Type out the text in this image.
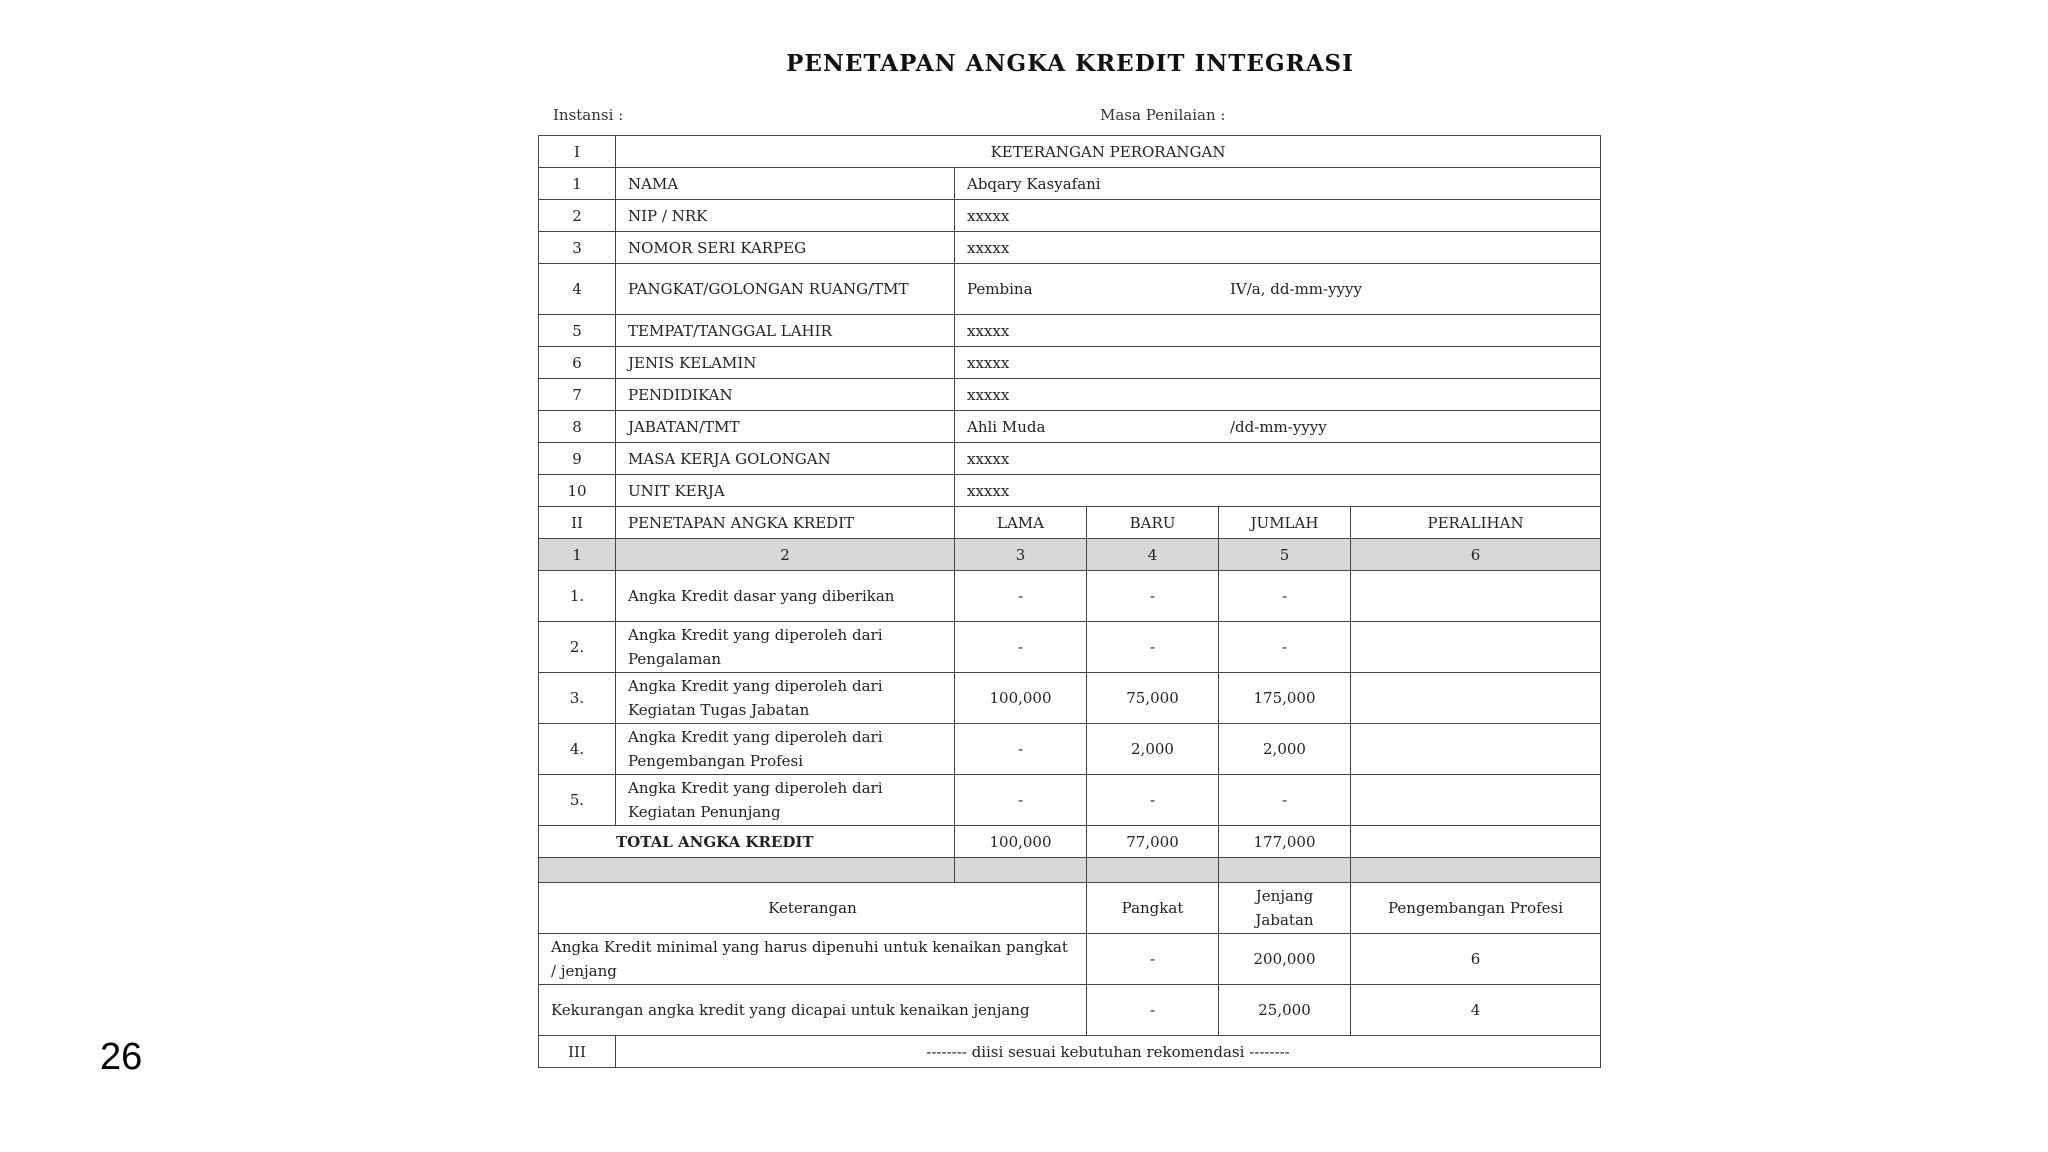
PENETAPAN ANGKA KREDIT INTEGRASI
Instansi :	Masa Penilaian :
I	KETERANGAN PERORANGAN				
1	NAMA	Abqary Kasyafani			
2	NIP / NRK	xxxxx			
3	NOMOR SERI KARPEG	xxxxx			
4	PANGKAT/GOLONGAN RUANG/TMT	Pembina IV/a, dd-mm-yyyy			
5	TEMPAT/TANGGAL LAHIR	xxxxx			
6	JENIS KELAMIN	xxxxx			
7	PENDIDIKAN	xxxxx			
8	JABATAN/TMT	Ahli Muda /dd-mm-yyyy			
9	MASA KERJA GOLONGAN	xxxxx			
10	UNIT KERJA	xxxxx			
II	PENETAPAN ANGKA KREDIT	LAMA	BARU	JUMLAH	PERALIHAN
1	2	3	4	5	6
1.	Angka Kredit dasar yang diberikan	-	-	-	
2.	Angka Kredit yang diperoleh dari Pengalaman	-	-	-	
3.	Angka Kredit yang diperoleh dari Kegiatan Tugas Jabatan	100,000	75,000	175,000	
4.	Angka Kredit yang diperoleh dari Pengembangan Profesi	-	2,000	2,000	
5.	Angka Kredit yang diperoleh dari Kegiatan Penunjang	-	-	-	
TOTAL ANGKA KREDIT		100,000	77,000	177,000	

Keterangan			Pangkat	Jenjang Jabatan	Pengembangan Profesi
Angka Kredit minimal yang harus dipenuhi untuk kenaikan pangkat / jenjang			-	200,000	6
Kekurangan angka kredit yang dicapai untuk kenaikan jenjang			-	25,000	4
III	-------- diisi sesuai kebutuhan rekomendasi --------				
26
